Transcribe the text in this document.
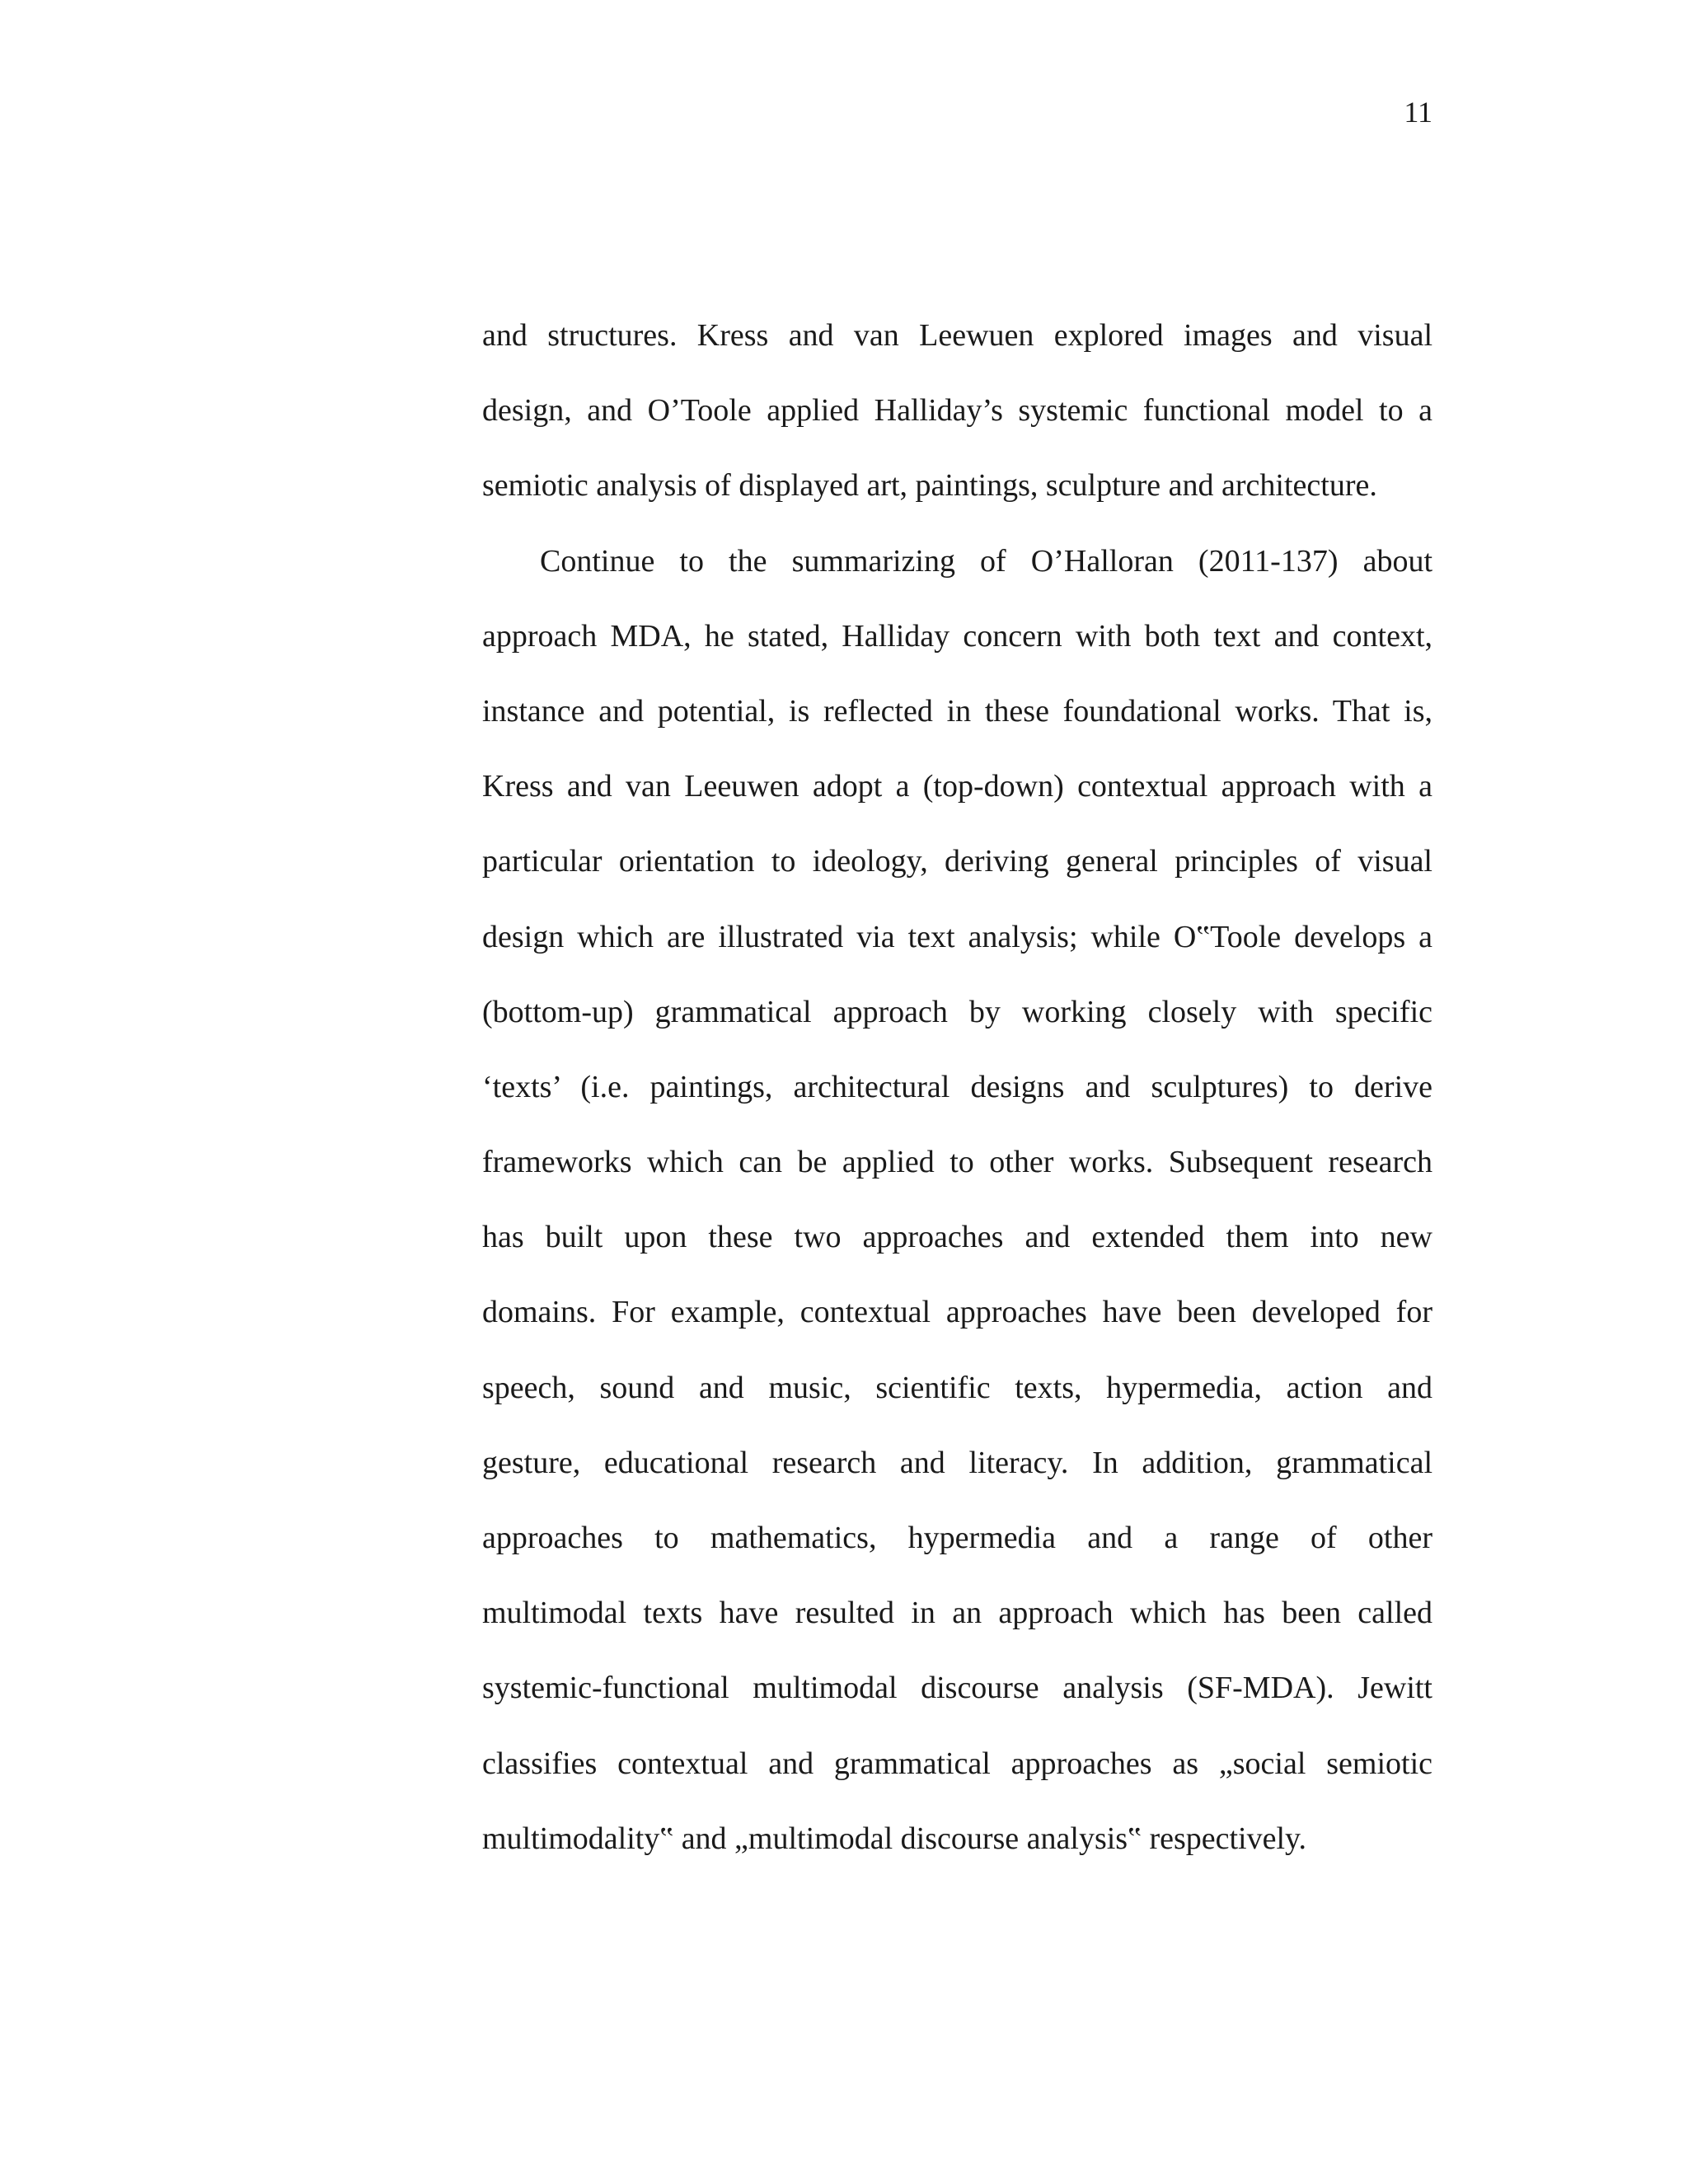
11
and structures. Kress and van Leewuen explored images and visual
design, and O’Toole applied Halliday’s systemic functional model to a
semiotic analysis of displayed art, paintings, sculpture and architecture.
Continue to the summarizing of O’Halloran (2011-137) about
approach MDA, he stated, Halliday concern with both text and context,
instance and potential, is reflected in these foundational works. That is,
Kress and van Leeuwen adopt a (top-down) contextual approach with a
particular orientation to ideology, deriving general principles of visual
design which are illustrated via text analysis; while O‟Toole develops a
(bottom-up) grammatical approach by working closely with specific
‘texts’ (i.e. paintings, architectural designs and sculptures) to derive
frameworks which can be applied to other works. Subsequent research
has built upon these two approaches and extended them into new
domains. For example, contextual approaches have been developed for
speech, sound and music, scientific texts, hypermedia, action and
gesture, educational research and literacy. In addition, grammatical
approaches to mathematics, hypermedia and a range of other
multimodal texts have resulted in an approach which has been called
systemic-functional multimodal discourse analysis (SF-MDA). Jewitt
classifies contextual and grammatical approaches as „social semiotic
multimodality‟ and „multimodal discourse analysis‟ respectively.
